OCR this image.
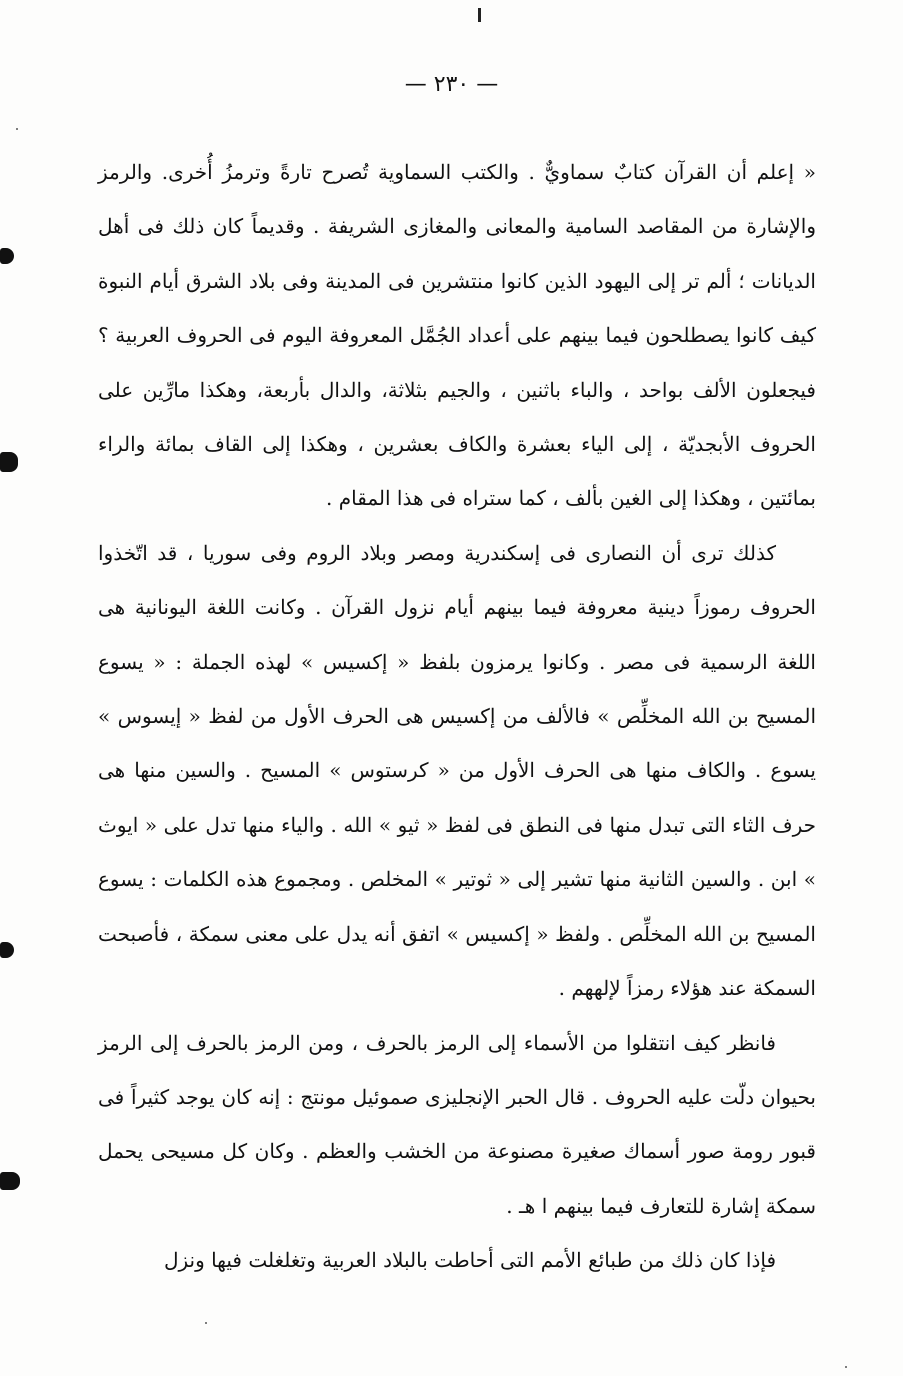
— ٢٣٠ —

« إعلم أن القرآن كتابٌ سماويٌّ . والكتب السماوية تُصرح تارةً وترمزُ أُخرى. والرمز والإشارة من المقاصد السامية والمعانى والمغازى الشريفة . وقديماً كان ذلك فى أهل الديانات ؛ ألم تر إلى اليهود الذين كانوا منتشرين فى المدينة وفى بلاد الشرق أيام النبوة كيف كانوا يصطلحون فيما بينهم على أعداد الجُمَّل المعروفة اليوم فى الحروف العربية ؟ فيجعلون الألف بواحد ، والباء باثنين ، والجيم بثلاثة، والدال بأربعة، وهكذا مارِّين على الحروف الأبجديّة ، إلى الياء بعشرة والكاف بعشرين ، وهكذا إلى القاف بمائة والراء بمائتين ، وهكذا إلى الغين بألف ، كما ستراه فى هذا المقام .

كذلك ترى أن النصارى فى إسكندرية ومصر وبلاد الروم وفى سوريا ، قد اتّخذوا الحروف رموزاً دينية معروفة فيما بينهم أيام نزول القرآن . وكانت اللغة اليونانية هى اللغة الرسمية فى مصر . وكانوا يرمزون بلفظ « إكسيس » لهذه الجملة : « يسوع المسيح بن الله المخلِّص » فالألف من إكسيس هى الحرف الأول من لفظ « إيسوس » يسوع . والكاف منها هى الحرف الأول من « كرستوس » المسيح . والسين منها هى حرف الثاء التى تبدل منها فى النطق فى لفظ « ثيو » الله . والياء منها تدل على « ايوث » ابن . والسين الثانية منها تشير إلى « ثوتير » المخلص . ومجموع هذه الكلمات : يسوع المسيح بن الله المخلِّص . ولفظ « إكسيس » اتفق أنه يدل على معنى سمكة ، فأصبحت السمكة عند هؤلاء رمزاً لإلههم .

فانظر كيف انتقلوا من الأسماء إلى الرمز بالحرف ، ومن الرمز بالحرف إلى الرمز بحيوان دلّت عليه الحروف . قال الحبر الإنجليزى صموئيل مونتج : إنه كان يوجد كثيراً فى قبور رومة صور أسماك صغيرة مصنوعة من الخشب والعظم . وكان كل مسيحى يحمل سمكة إشارة للتعارف فيما بينهم ا هـ .

فإذا كان ذلك من طبائع الأمم التى أحاطت بالبلاد العربية وتغلغلت فيها ونزل
